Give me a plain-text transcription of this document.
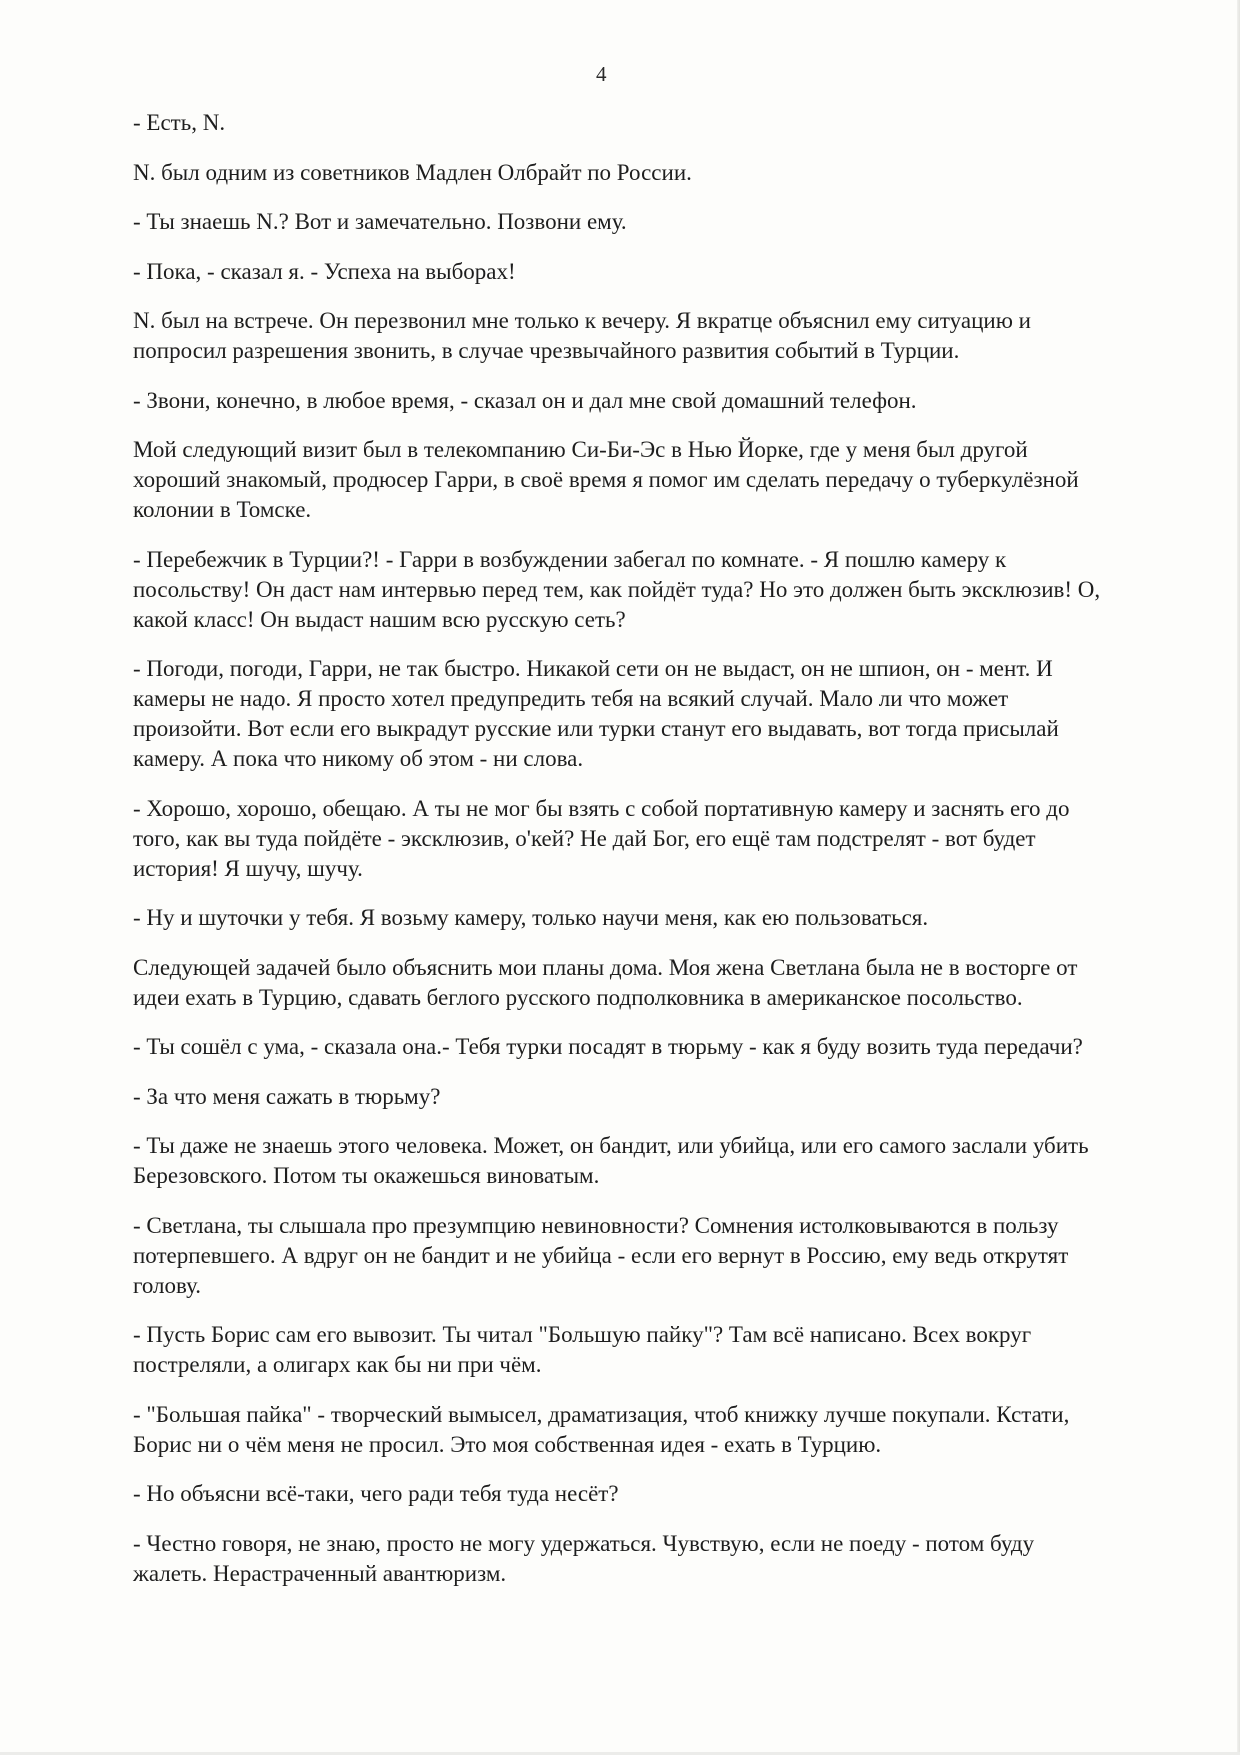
4

- Есть, N.

N. был одним из советников Мадлен Олбрайт по России.

- Ты знаешь N.? Вот и замечательно. Позвони ему.

- Пока, - сказал я. - Успеха на выборах!

N. был на встрече. Он перезвонил мне только к вечеру. Я вкратце объяснил ему ситуацию и попросил разрешения звонить, в случае чрезвычайного развития событий в Турции.

- Звони, конечно, в любое время, - сказал он и дал мне свой домашний телефон.

Мой следующий визит был в телекомпанию Си-Би-Эс в Нью Йорке, где у меня был другой хороший знакомый, продюсер Гарри, в своё время я помог им сделать передачу о туберкулёзной колонии в Томске.

- Перебежчик в Турции?! - Гарри в возбуждении забегал по комнате. - Я пошлю камеру к посольству! Он даст нам интервью перед тем, как пойдёт туда? Но это должен быть эксклюзив! О, какой класс! Он выдаст нашим всю русскую сеть?

- Погоди, погоди, Гарри, не так быстро. Никакой сети он не выдаст, он не шпион, он - мент. И камеры не надо. Я просто хотел предупредить тебя на всякий случай. Мало ли что может произойти. Вот если его выкрадут русские или турки станут его выдавать, вот тогда присылай камеру. А пока что никому об этом - ни слова.

- Хорошо, хорошо, обещаю. А ты не мог бы взять с собой портативную камеру и заснять его до того, как вы туда пойдёте - эксклюзив, о'кей? Не дай Бог, его ещё там подстрелят - вот будет история! Я шучу, шучу.

- Ну и шуточки у тебя. Я возьму камеру, только научи меня, как ею пользоваться.

Следующей задачей было объяснить мои планы дома. Моя жена Светлана была не в восторге от идеи ехать в Турцию, сдавать беглого русского подполковника в американское посольство.

- Ты сошёл с ума, - сказала она.- Тебя турки посадят в тюрьму - как я буду возить туда передачи?

- За что меня сажать в тюрьму?

- Ты даже не знаешь этого человека. Может, он бандит, или убийца, или его самого заслали убить Березовского. Потом ты окажешься виноватым.

- Светлана, ты слышала про презумпцию невиновности? Сомнения истолковываются в пользу потерпевшего. А вдруг он не бандит и не убийца - если его вернут в Россию, ему ведь открутят голову.

- Пусть Борис сам его вывозит. Ты читал "Большую пайку"? Там всё написано. Всех вокруг постреляли, а олигарх как бы ни при чём.

- "Большая пайка" - творческий вымысел, драматизация, чтоб книжку лучше покупали. Кстати, Борис ни о чём меня не просил. Это моя собственная идея - ехать в Турцию.

- Но объясни всё-таки, чего ради тебя туда несёт?

- Честно говоря, не знаю, просто не могу удержаться. Чувствую, если не поеду - потом буду жалеть. Нерастраченный авантюризм.
